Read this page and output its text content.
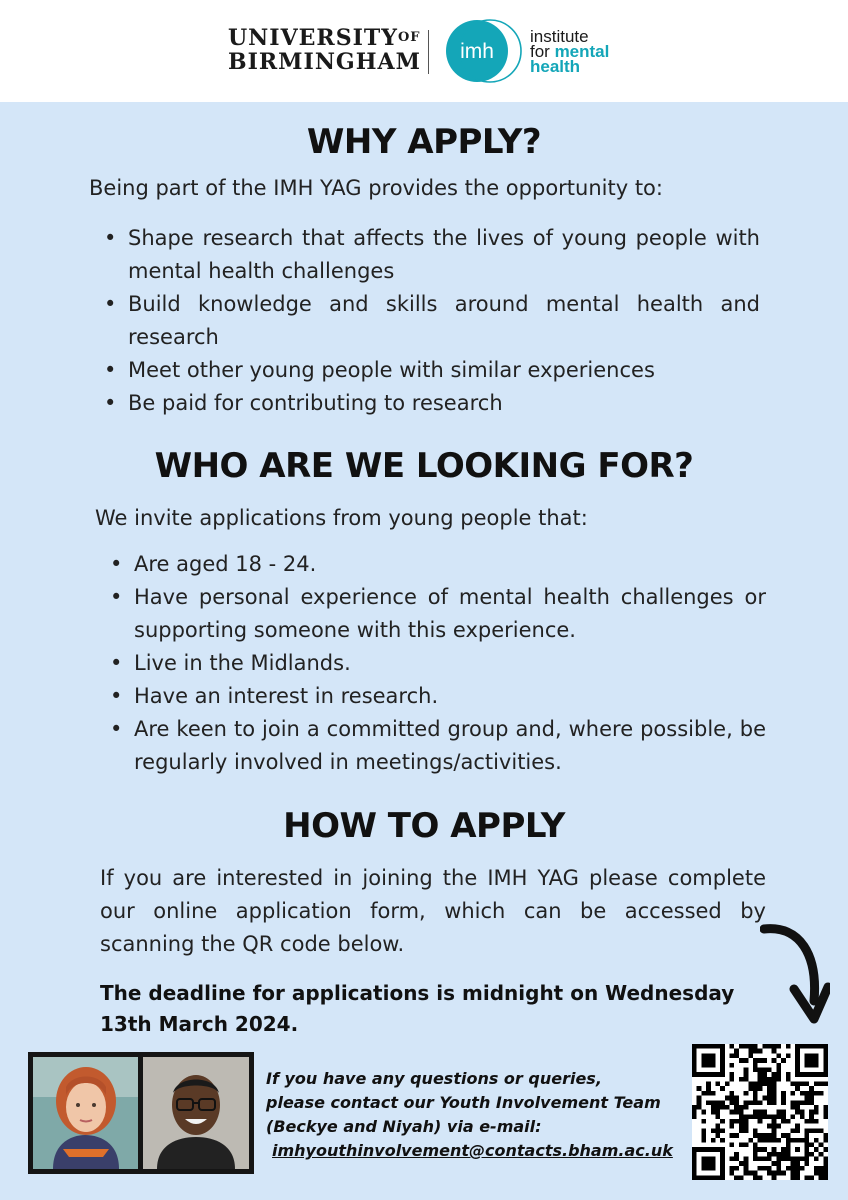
$UNIVERSITY^{OF}$
BIRMINGHAM imh
institute
for mental
health
WHY APPLY?
Being part of the IMH YAG provides the opportunity to:
• Shape research that affects the lives of young people with mental health challenges
• Build knowledge and skills around mental health and research
• Meet other young people with similar experiences
• Be paid for contributing to research
WHO ARE WE LOOKING FOR?
We invite applications from young people that:
• Are aged 18 - 24.
• Have personal experience of mental health challenges or supporting someone with this experience.
• Live in the Midlands.
• Have an interest in research.
• Are keen to join a committed group and, where possible, be regularly involved in meetings/activities.
HOW TO APPLY
If you are interested in joining the IMH YAG please complete our online application form, which can be accessed by scanning the QR code below.
The deadline for applications is midnight on Wednesday 13th March 2024.
If you have any questions or queries,
please contact our Youth Involvement Team
(Beckye and Niyah) via e-mail:
imhyouthinvolvement@contacts.bham.ac.uk
